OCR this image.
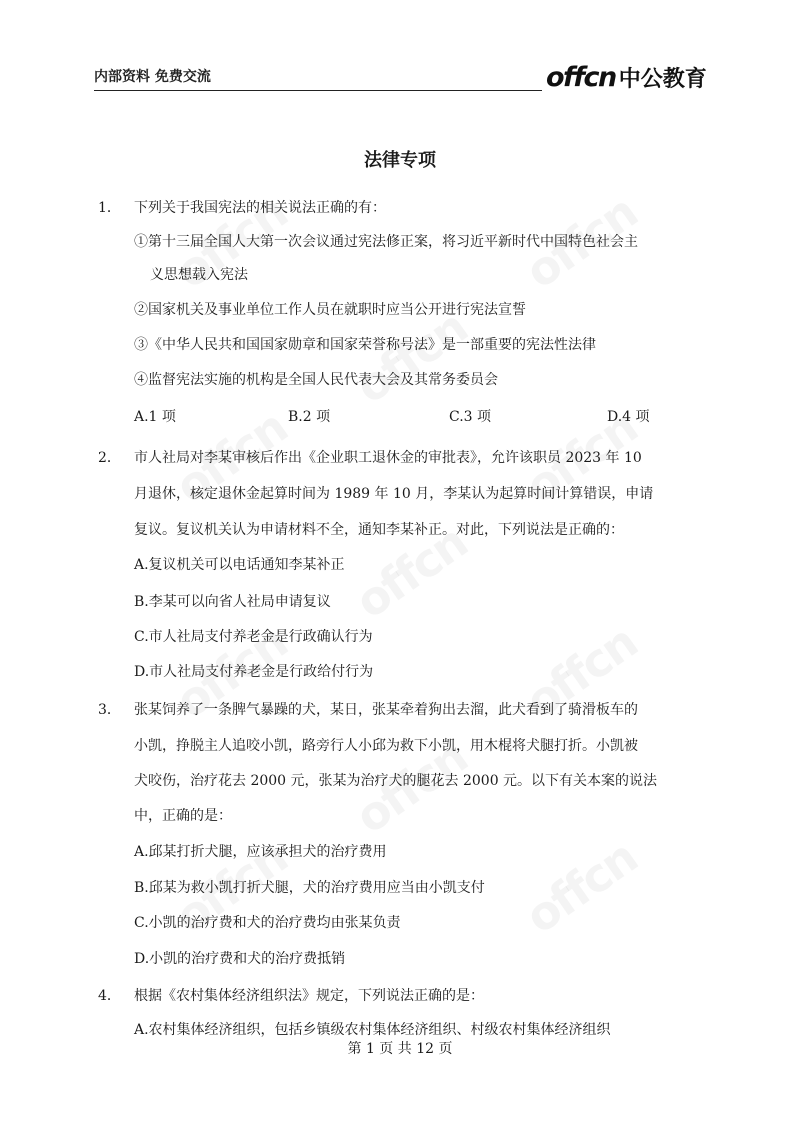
内部资料 免费交流	offcn 中公教育
法律专项
1． 下列关于我国宪法的相关说法正确的有：
①第十三届全国人大第一次会议通过宪法修正案，将习近平新时代中国特色社会主
义思想载入宪法
②国家机关及事业单位工作人员在就职时应当公开进行宪法宣誓
③《中华人民共和国国家勋章和国家荣誉称号法》是一部重要的宪法性法律
④监督宪法实施的机构是全国人民代表大会及其常务委员会
A.1 项	B.2 项	C.3 项	D.4 项
2． 市人社局对李某审核后作出《企业职工退休金的审批表》，允许该职员 2023 年 10
月退休，核定退休金起算时间为 1989 年 10 月，李某认为起算时间计算错误，申请
复议。复议机关认为申请材料不全，通知李某补正。对此，下列说法是正确的：
A.复议机关可以电话通知李某补正
B.李某可以向省人社局申请复议
C.市人社局支付养老金是行政确认行为
D.市人社局支付养老金是行政给付行为
3． 张某饲养了一条脾气暴躁的犬，某日，张某牵着狗出去溜，此犬看到了骑滑板车的
小凯，挣脱主人追咬小凯，路旁行人小邱为救下小凯，用木棍将犬腿打折。小凯被
犬咬伤，治疗花去 2000 元，张某为治疗犬的腿花去 2000 元。以下有关本案的说法
中，正确的是：
A.邱某打折犬腿，应该承担犬的治疗费用
B.邱某为救小凯打折犬腿，犬的治疗费用应当由小凯支付
C.小凯的治疗费和犬的治疗费均由张某负责
D.小凯的治疗费和犬的治疗费抵销
4． 根据《农村集体经济组织法》规定，下列说法正确的是：
A.农村集体经济组织，包括乡镇级农村集体经济组织、村级农村集体经济组织
第 1 页 共 12 页
